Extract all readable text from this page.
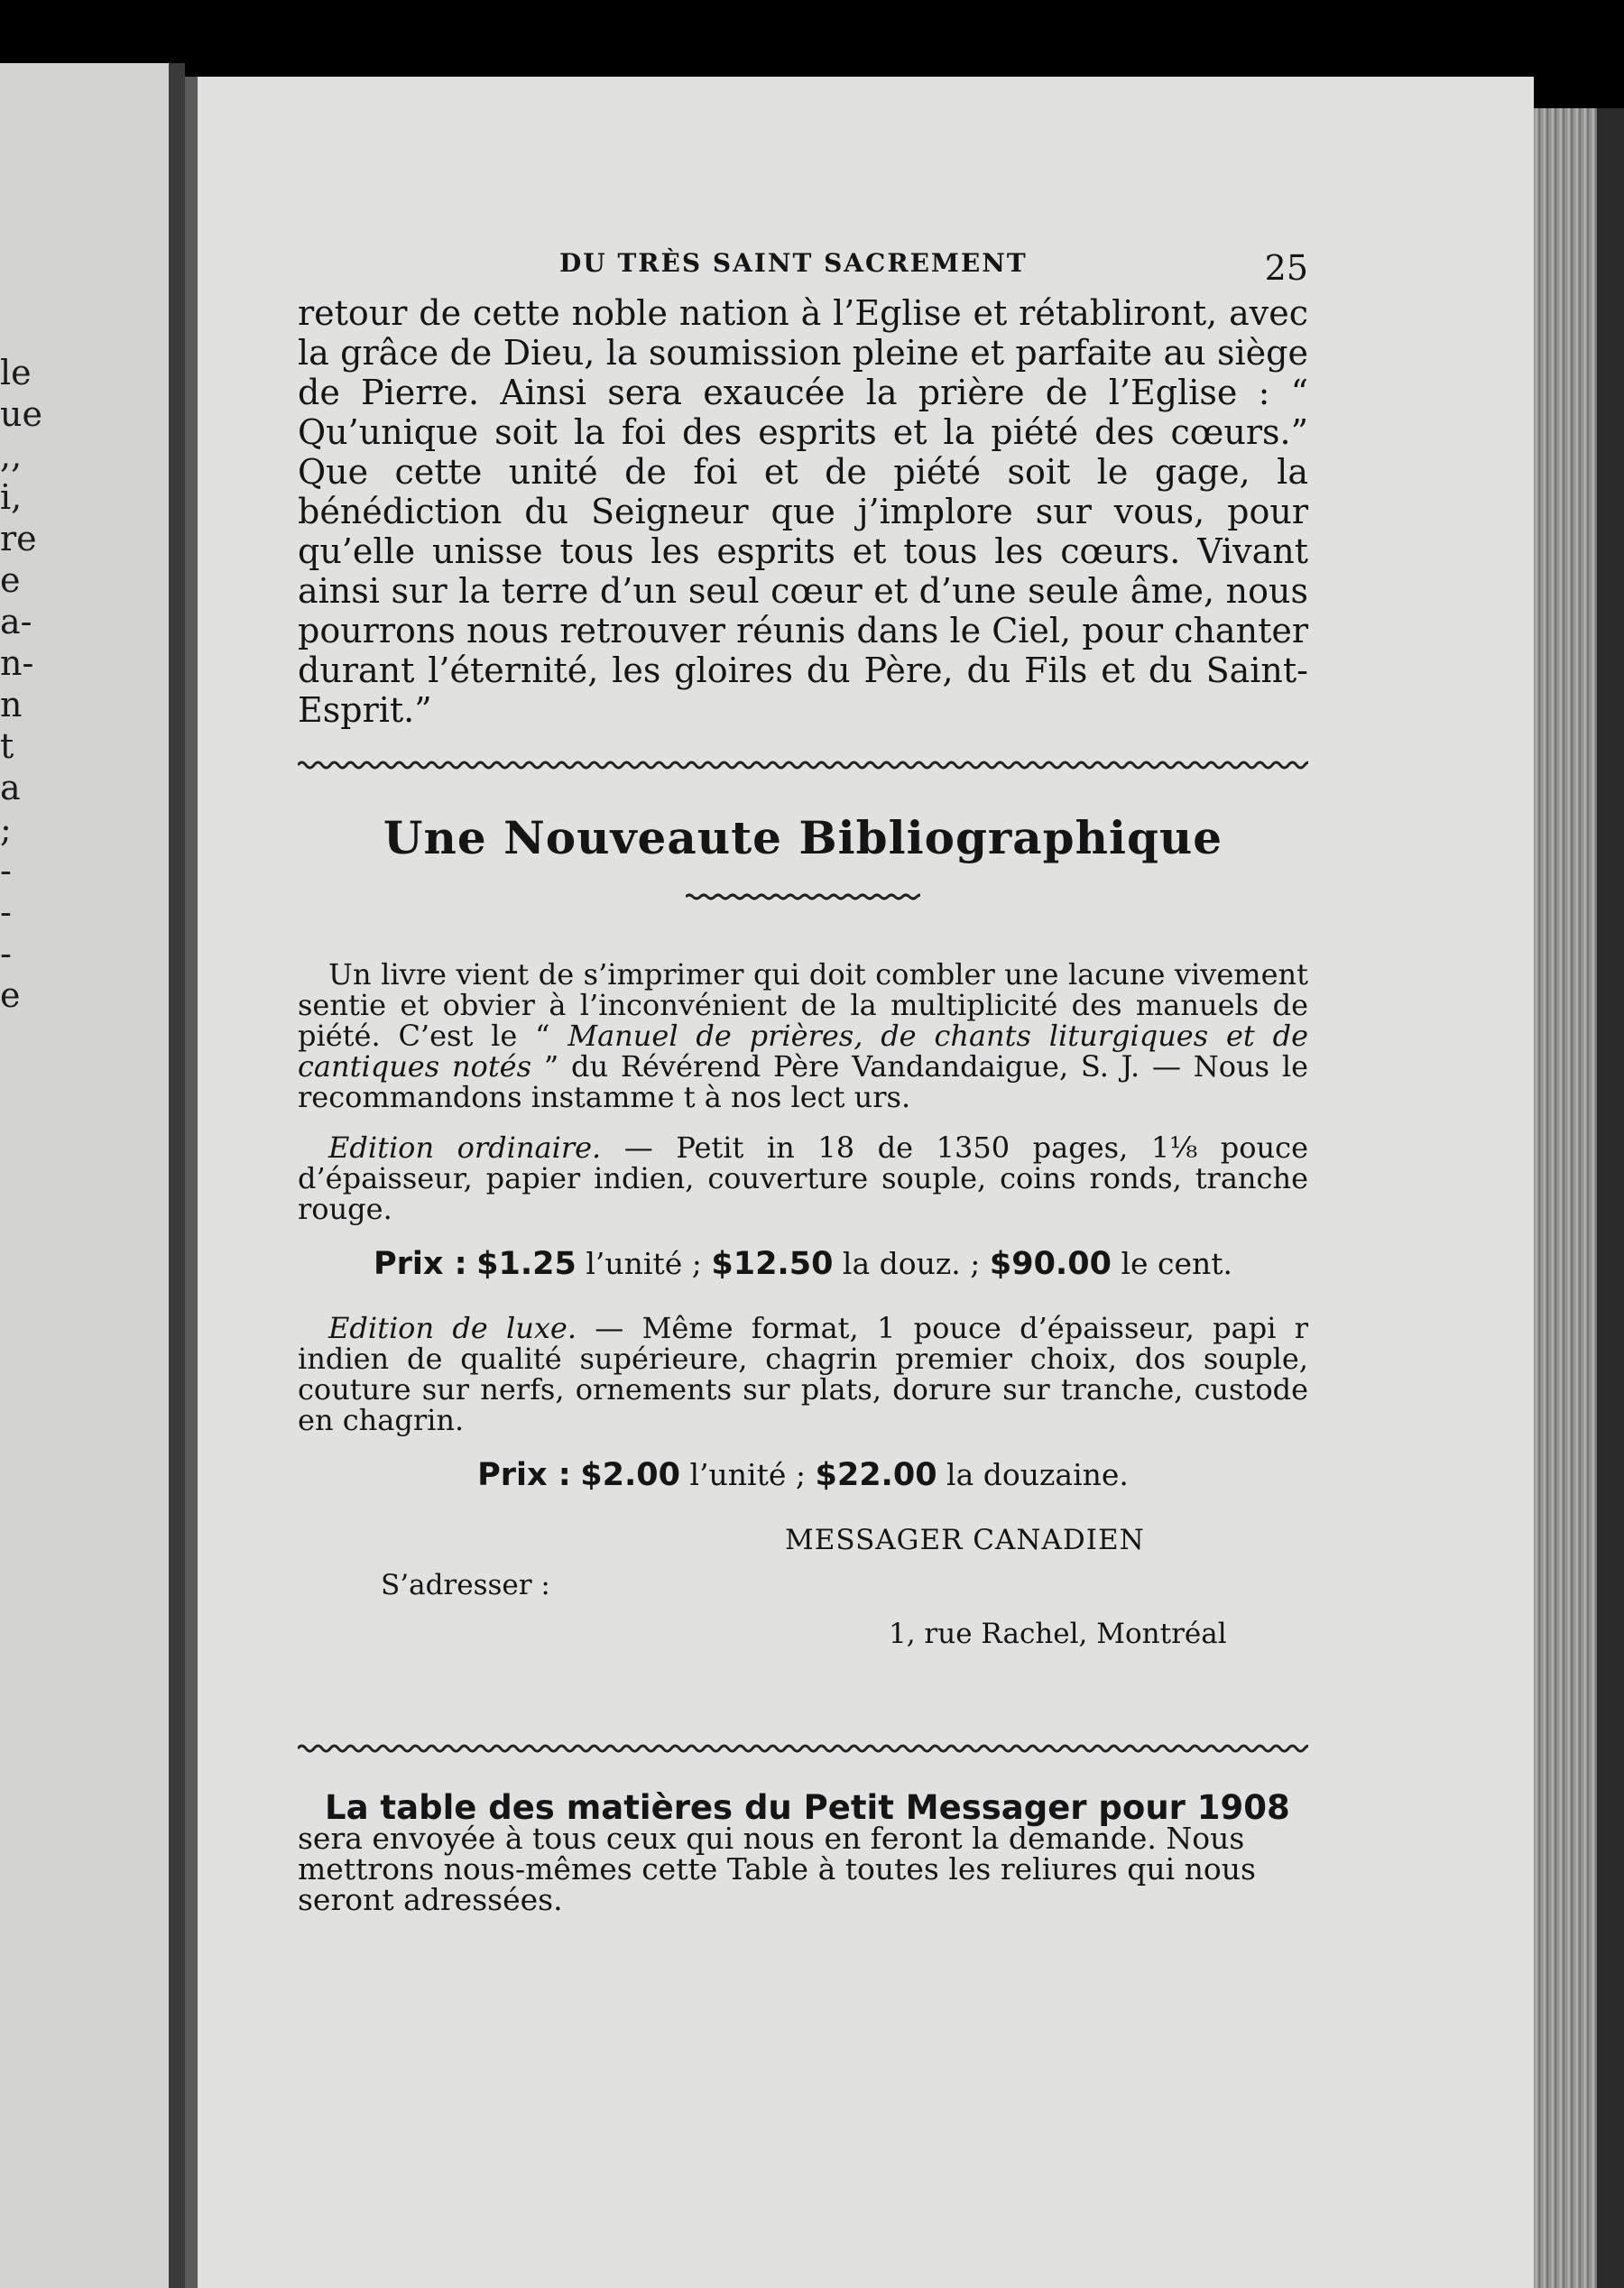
le
ue
,,
i,
re
e
a-
n-
n
t
a
;
-
-
-
e
DU TRÈS SAINT SACREMENT	25

retour de cette noble nation à l’Eglise et rétabliront, avec la grâce de Dieu, la soumission pleine et parfaite au siège de Pierre. Ainsi sera exaucée la prière de l’Eglise : “ Qu’unique soit la foi des esprits et la piété des cœurs.” Que cette unité de foi et de piété soit le gage, la bénédiction du Seigneur que j’implore sur vous, pour qu’elle unisse tous les esprits et tous les cœurs. Vivant ainsi sur la terre d’un seul cœur et d’une seule âme, nous pourrons nous retrouver réunis dans le Ciel, pour chanter durant l’éternité, les gloires du Père, du Fils et du Saint-Esprit.”

Une Nouveaute Bibliographique

Un livre vient de s’imprimer qui doit combler une lacune vivement sentie et obvier à l’inconvénient de la multiplicité des manuels de piété. C’est le “ Manuel de prières, de chants liturgiques et de cantiques notés ” du Révérend Père Vandandaigue, S. J. — Nous le recommandons instamme t à nos lect urs.

Edition ordinaire. — Petit in 18 de 1350 pages, 1⅛ pouce d’épaisseur, papier indien, couverture souple, coins ronds, tranche rouge.

Prix : $1.25 l’unité ; $12.50 la douz. ; $90.00 le cent.

Edition de luxe. — Même format, 1 pouce d’épaisseur, papi r indien de qualité supérieure, chagrin premier choix, dos souple, couture sur nerfs, ornements sur plats, dorure sur tranche, custode en chagrin.

Prix : $2.00 l’unité ; $22.00 la douzaine.
MESSAGER CANADIEN
S’adresser :
1, rue Rachel, Montréal
La table des matières du Petit Messager pour 1908
sera envoyée à tous ceux qui nous en feront la demande. Nous mettrons nous-mêmes cette Table à toutes les reliures qui nous seront adressées.
